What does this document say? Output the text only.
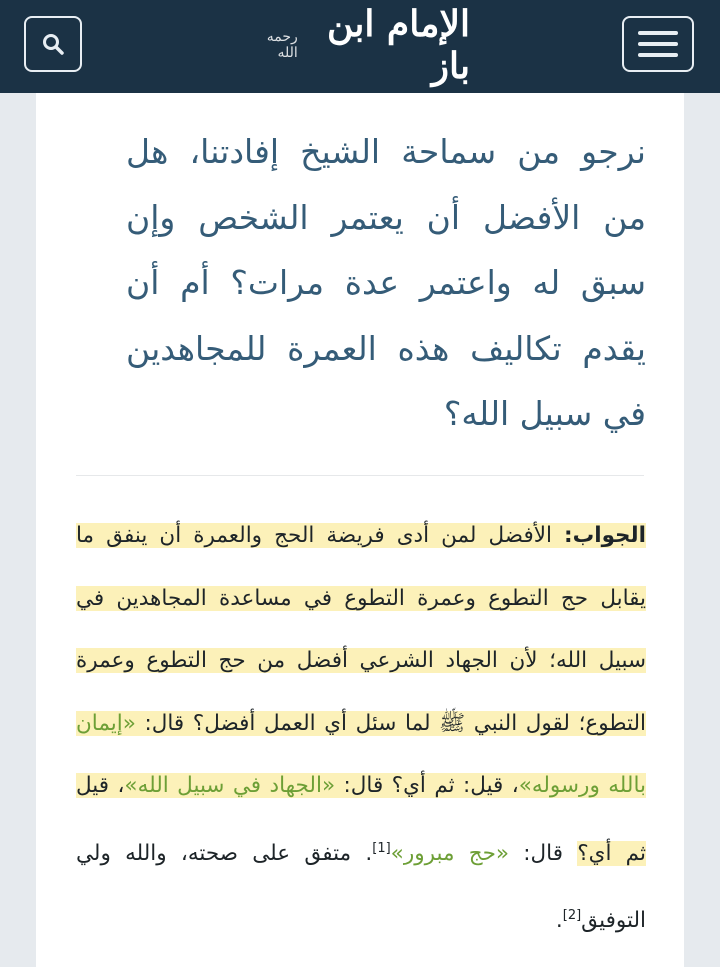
الإمام ابن باز
رحمه الله
نرجو من سماحة الشيخ إفادتنا، هل من الأفضل أن يعتمر الشخص وإن سبق له واعتمر عدة مرات؟ أم أن يقدم تكاليف هذه العمرة للمجاهدين في سبيل الله؟
الجواب: الأفضل لمن أدى فريضة الحج والعمرة أن ينفق ما يقابل حج التطوع وعمرة التطوع في مساعدة المجاهدين في سبيل الله؛ لأن الجهاد الشرعي أفضل من حج التطوع وعمرة التطوع؛ لقول النبي ﷺ لما سئل أي العمل أفضل؟ قال: «إيمان بالله ورسوله»، قيل: ثم أي؟ قال: «الجهاد في سبيل الله»، قيل ثم أي؟ قال: «حج مبرور»[1]. متفق على صحته، والله ولي التوفيق[2].
